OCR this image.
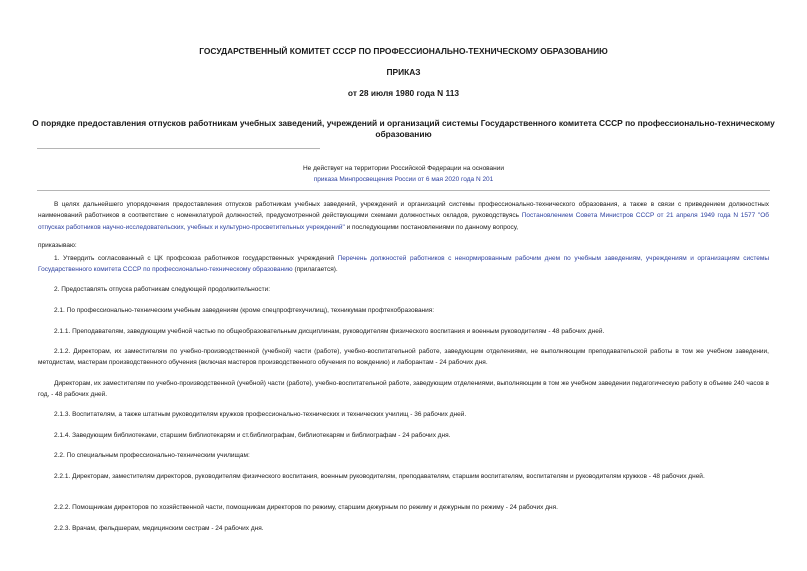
ГОСУДАРСТВЕННЫЙ КОМИТЕТ СССР ПО ПРОФЕССИОНАЛЬНО-ТЕХНИЧЕСКОМУ ОБРАЗОВАНИЮ
ПРИКАЗ
от 28 июля 1980 года N 113
О порядке предоставления отпусков работникам учебных заведений, учреждений и организаций системы Государственного комитета СССР по профессионально-техническому образованию
Не действует на территории Российской Федерации на основании
приказа Минпросвещения России от 6 мая 2020 года N 201
В целях дальнейшего упорядочения предоставления отпусков работникам учебных заведений, учреждений и организаций системы профессионально-технического образования, а также в связи с приведением должностных наименований работников в соответствие с номенклатурой должностей, предусмотренной действующими схемами должностных окладов, руководствуясь Постановлением Совета Министров СССР от 21 апреля 1949 года N 1577 "Об отпусках работников научно-исследовательских, учебных и культурно-просветительных учреждений" и последующими постановлениями по данному вопросу,
приказываю:
1. Утвердить согласованный с ЦК профсоюза работников государственных учреждений Перечень должностей работников с ненормированным рабочим днем по учебным заведениям, учреждениям и организациям системы Государственного комитета СССР по профессионально-техническому образованию (прилагается).
2. Предоставлять отпуска работникам следующей продолжительности:
2.1. По профессионально-техническим учебным заведениям (кроме спецпрофтехучилищ), техникумам профтехобразования:
2.1.1. Преподавателям, заведующим учебной частью по общеобразовательным дисциплинам, руководителям физического воспитания и военным руководителям - 48 рабочих дней.
2.1.2. Директорам, их заместителям по учебно-производственной (учебной) части (работе), учебно-воспитательной работе, заведующим отделениями, не выполняющим преподавательской работы в том же учебном заведении, методистам, мастерам производственного обучения (включая мастеров производственного обучения по вождению) и лаборантам - 24 рабочих дня.
Директорам, их заместителям по учебно-производственной (учебной) части (работе), учебно-воспитательной работе, заведующим отделениями, выполняющим в том же учебном заведении педагогическую работу в объеме 240 часов в год, - 48 рабочих дней.
2.1.3. Воспитателям, а также штатным руководителям кружков профессионально-технических и технических училищ - 36 рабочих дней.
2.1.4. Заведующим библиотеками, старшим библиотекарям и ст.библиографам, библиотекарям и библиографам - 24 рабочих дня.
2.2. По специальным профессионально-техническим училищам:
2.2.1. Директорам, заместителям директоров, руководителям физического воспитания, военным руководителям, преподавателям, старшим воспитателям, воспитателям и руководителям кружков - 48 рабочих дней.
2.2.2. Помощникам директоров по хозяйственной части, помощникам директоров по режиму, старшим дежурным по режиму и дежурным по режиму - 24 рабочих дня.
2.2.3. Врачам, фельдшерам, медицинским сестрам - 24 рабочих дня.
